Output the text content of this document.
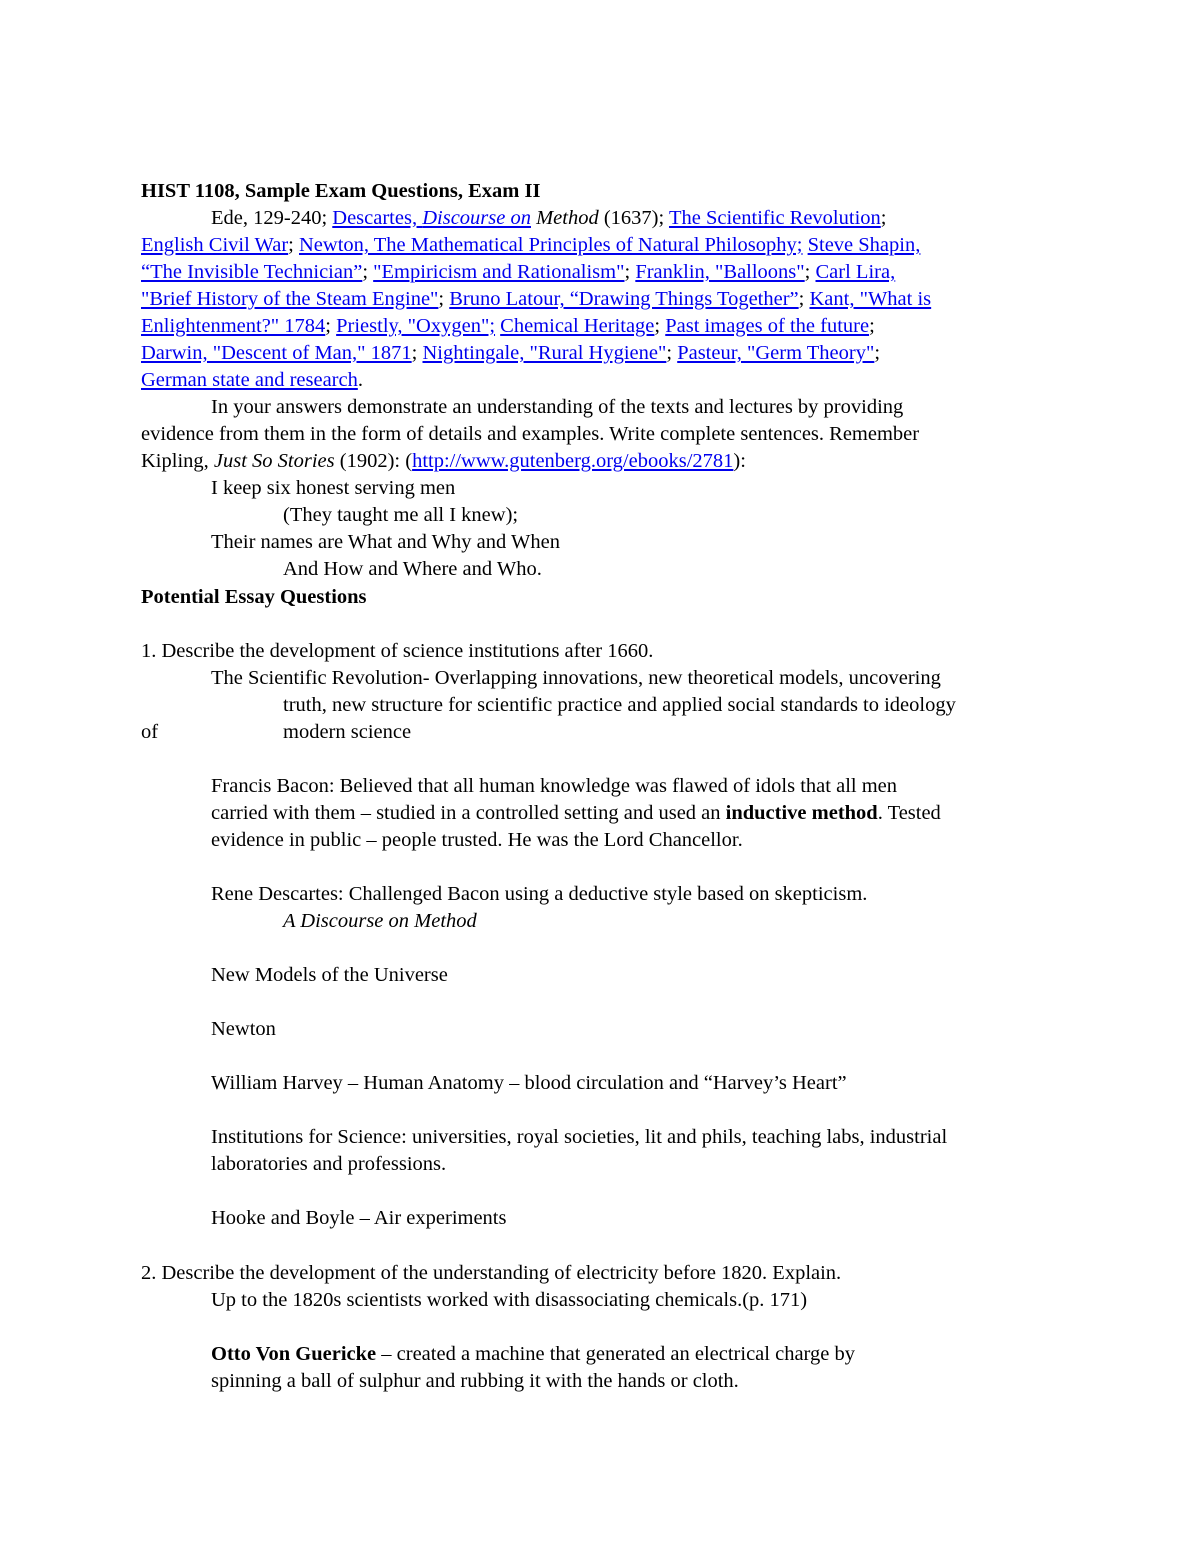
HIST 1108, Sample Exam Questions, Exam II
Ede, 129-240; Descartes, Discourse on Method (1637); The Scientific Revolution;
English Civil War; Newton, The Mathematical Principles of Natural Philosophy; Steve Shapin,
“The Invisible Technician”; "Empiricism and Rationalism"; Franklin, "Balloons"; Carl Lira,
"Brief History of the Steam Engine"; Bruno Latour, “Drawing Things Together”; Kant, "What is
Enlightenment?" 1784; Priestly, "Oxygen"; Chemical Heritage; Past images of the future;
Darwin, "Descent of Man," 1871; Nightingale, "Rural Hygiene"; Pasteur, "Germ Theory";
German state and research.
In your answers demonstrate an understanding of the texts and lectures by providing
evidence from them in the form of details and examples. Write complete sentences. Remember
Kipling, Just So Stories (1902): (http://www.gutenberg.org/ebooks/2781):
I keep six honest serving men
(They taught me all I knew);
Their names are What and Why and When
And How and Where and Who.
Potential Essay Questions
1. Describe the development of science institutions after 1660.
The Scientific Revolution- Overlapping innovations, new theoretical models, uncovering
truth, new structure for scientific practice and applied social standards to ideology
of	modern science
Francis Bacon: Believed that all human knowledge was flawed of idols that all men
carried with them – studied in a controlled setting and used an inductive method. Tested
evidence in public – people trusted. He was the Lord Chancellor.
Rene Descartes: Challenged Bacon using a deductive style based on skepticism.
A Discourse on Method
New Models of the Universe
Newton
William Harvey – Human Anatomy – blood circulation and “Harvey’s Heart”
Institutions for Science: universities, royal societies, lit and phils, teaching labs, industrial
laboratories and professions.
Hooke and Boyle – Air experiments
2. Describe the development of the understanding of electricity before 1820. Explain.
Up to the 1820s scientists worked with disassociating chemicals.(p. 171)
Otto Von Guericke – created a machine that generated an electrical charge by
spinning a ball of sulphur and rubbing it with the hands or cloth.
